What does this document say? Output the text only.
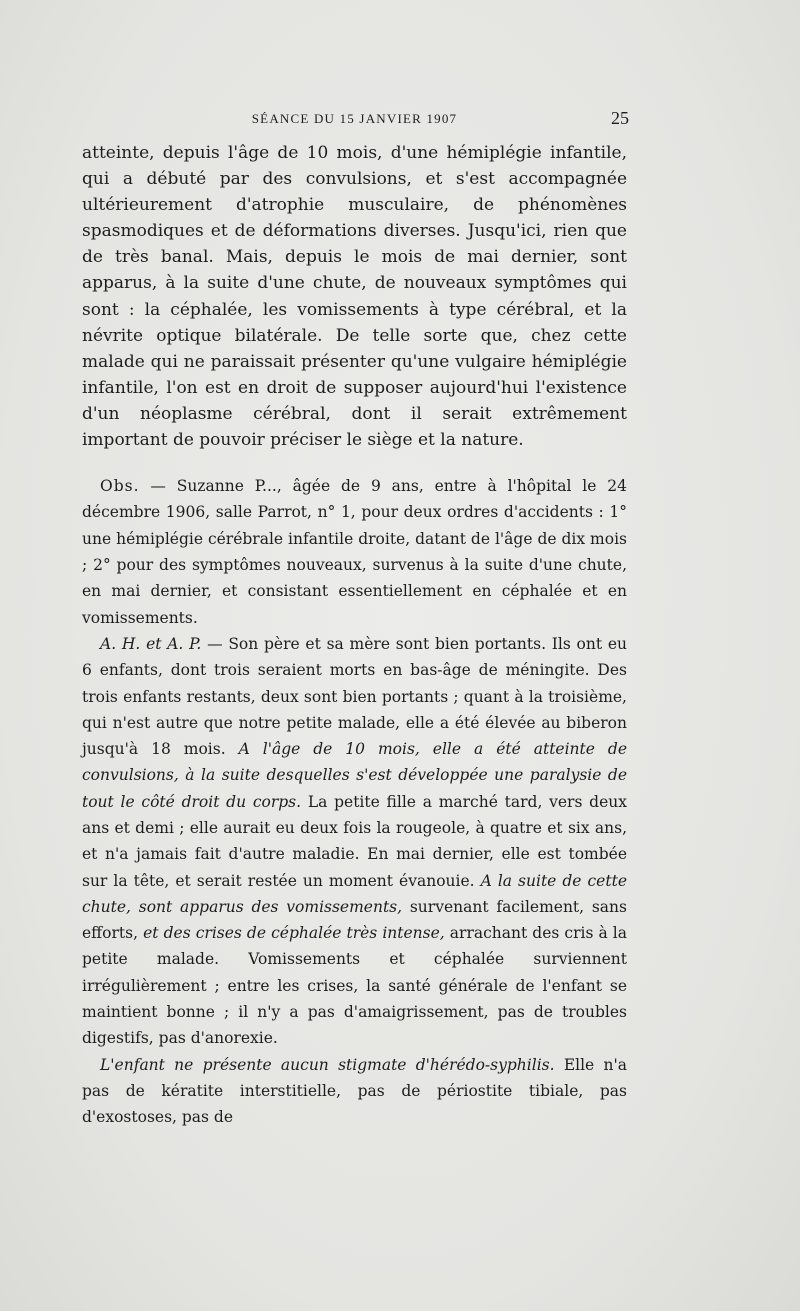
SÉANCE DU 15 JANVIER 1907	25

atteinte, depuis l'âge de 10 mois, d'une hémiplégie infantile, qui a débuté par des convulsions, et s'est accompagnée ultérieurement d'atrophie musculaire, de phénomènes spasmodiques et de déformations diverses. Jusqu'ici, rien que de très banal. Mais, depuis le mois de mai dernier, sont apparus, à la suite d'une chute, de nouveaux symptômes qui sont : la céphalée, les vomissements à type cérébral, et la névrite optique bilatérale. De telle sorte que, chez cette malade qui ne paraissait présenter qu'une vulgaire hémiplégie infantile, l'on est en droit de supposer aujourd'hui l'existence d'un néoplasme cérébral, dont il serait extrêmement important de pouvoir préciser le siège et la nature.

Obs. — Suzanne P..., âgée de 9 ans, entre à l'hôpital le 24 décembre 1906, salle Parrot, n° 1, pour deux ordres d'accidents : 1° une hémiplégie cérébrale infantile droite, datant de l'âge de dix mois ; 2° pour des symptômes nouveaux, survenus à la suite d'une chute, en mai dernier, et consistant essentiellement en céphalée et en vomissements.

A. H. et A. P. — Son père et sa mère sont bien portants. Ils ont eu 6 enfants, dont trois seraient morts en bas-âge de méningite. Des trois enfants restants, deux sont bien portants ; quant à la troisième, qui n'est autre que notre petite malade, elle a été élevée au biberon jusqu'à 18 mois. A l'âge de 10 mois, elle a été atteinte de convulsions, à la suite desquelles s'est développée une paralysie de tout le côté droit du corps. La petite fille a marché tard, vers deux ans et demi ; elle aurait eu deux fois la rougeole, à quatre et six ans, et n'a jamais fait d'autre maladie. En mai dernier, elle est tombée sur la tête, et serait restée un moment évanouie. A la suite de cette chute, sont apparus des vomissements, survenant facilement, sans efforts, et des crises de céphalée très intense, arrachant des cris à la petite malade. Vomissements et céphalée surviennent irrégulièrement ; entre les crises, la santé générale de l'enfant se maintient bonne ; il n'y a pas d'amaigrissement, pas de troubles digestifs, pas d'anorexie.

L'enfant ne présente aucun stigmate d'hérédo-syphilis. Elle n'a pas de kératite interstitielle, pas de périostite tibiale, pas d'exostoses, pas de
